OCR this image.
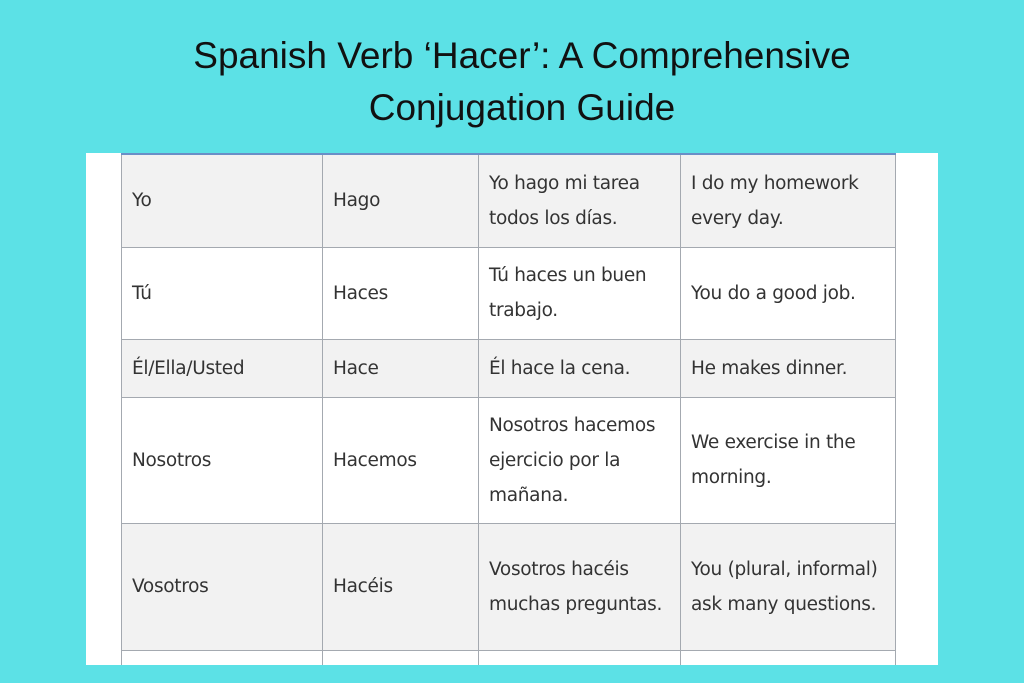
Spanish Verb ‘Hacer’: A Comprehensive
Conjugation Guide
Yo	Hago	Yo hago mi tarea todos los días.	I do my homework every day.
Tú	Haces	Tú haces un buen trabajo.	You do a good job.
Él/Ella/Usted	Hace	Él hace la cena.	He makes dinner.
Nosotros	Hacemos	Nosotros hacemos ejercicio por la mañana.	We exercise in the morning.
Vosotros	Hacéis	Vosotros hacéis muchas preguntas.	You (plural, informal) ask many questions.
